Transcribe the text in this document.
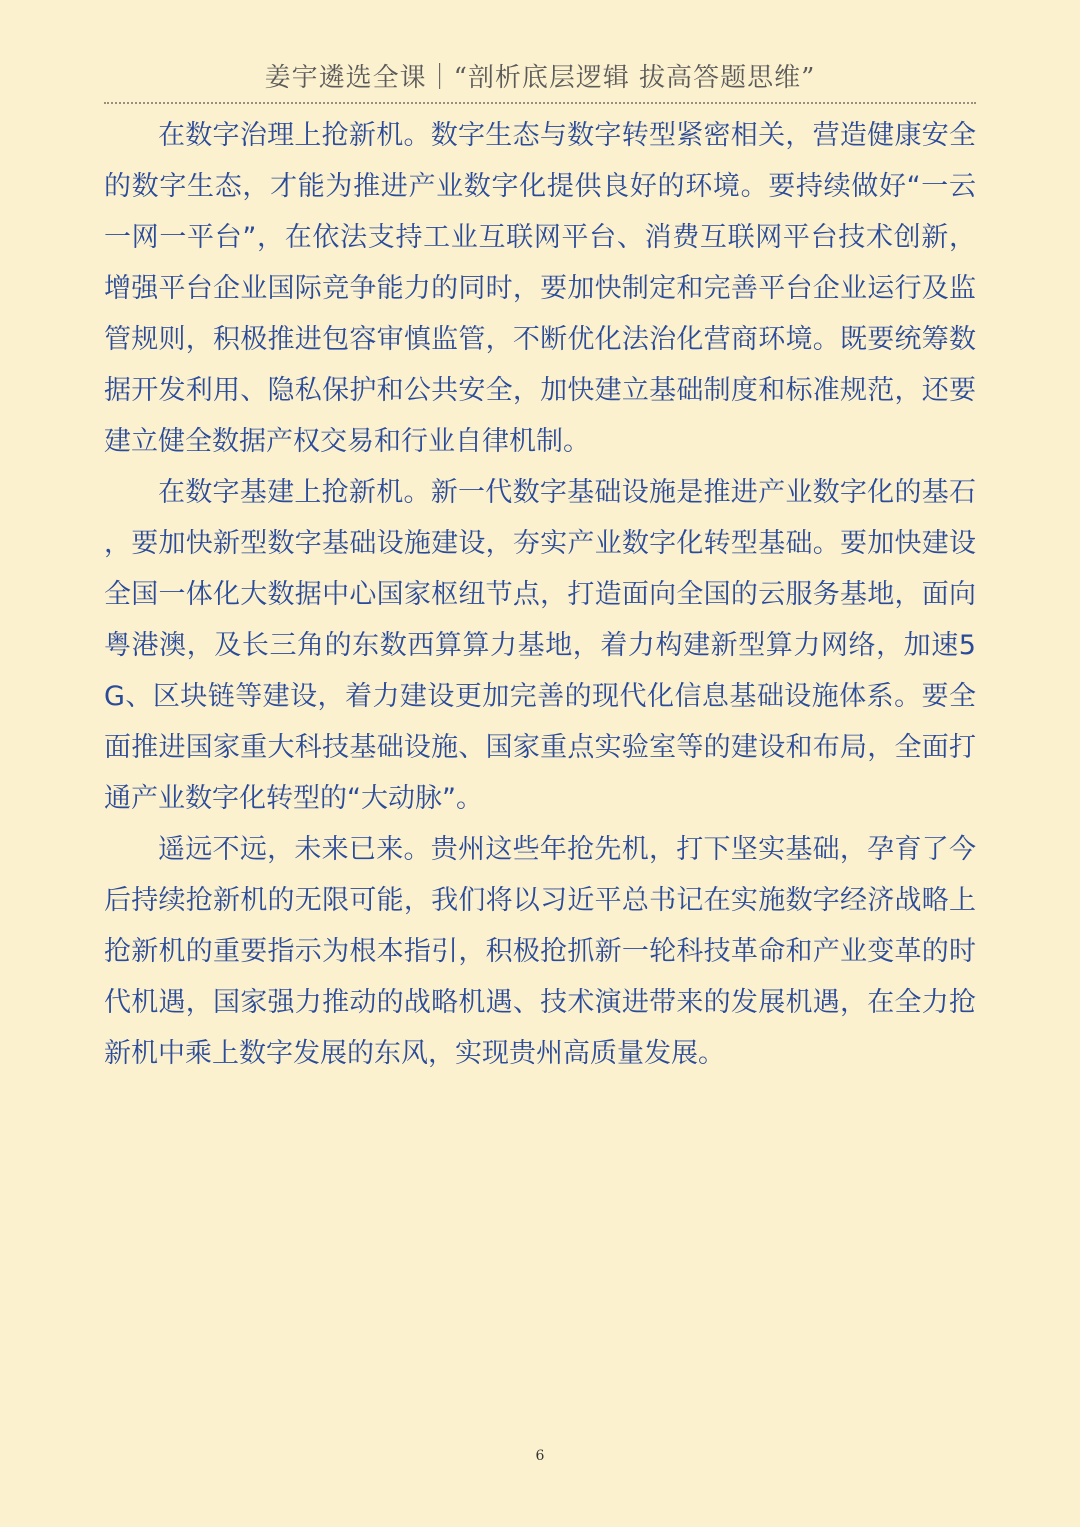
姜宇遴选全课｜“剖析底层逻辑 拔高答题思维”

在数字治理上抢新机。数字生态与数字转型紧密相关，营造健康安全的数字生态，才能为推进产业数字化提供良好的环境。要持续做好“一云一网一平台”，在依法支持工业互联网平台、消费互联网平台技术创新，增强平台企业国际竞争能力的同时，要加快制定和完善平台企业运行及监管规则，积极推进包容审慎监管，不断优化法治化营商环境。既要统筹数据开发利用、隐私保护和公共安全，加快建立基础制度和标准规范，还要建立健全数据产权交易和行业自律机制。

在数字基建上抢新机。新一代数字基础设施是推进产业数字化的基石，要加快新型数字基础设施建设，夯实产业数字化转型基础。要加快建设全国一体化大数据中心国家枢纽节点，打造面向全国的云服务基地，面向粤港澳，及长三角的东数西算算力基地，着力构建新型算力网络，加速5G、区块链等建设，着力建设更加完善的现代化信息基础设施体系。要全面推进国家重大科技基础设施、国家重点实验室等的建设和布局，全面打通产业数字化转型的“大动脉”。

遥远不远，未来已来。贵州这些年抢先机，打下坚实基础，孕育了今后持续抢新机的无限可能，我们将以习近平总书记在实施数字经济战略上抢新机的重要指示为根本指引，积极抢抓新一轮科技革命和产业变革的时代机遇，国家强力推动的战略机遇、技术演进带来的发展机遇，在全力抢新机中乘上数字发展的东风，实现贵州高质量发展。

6
